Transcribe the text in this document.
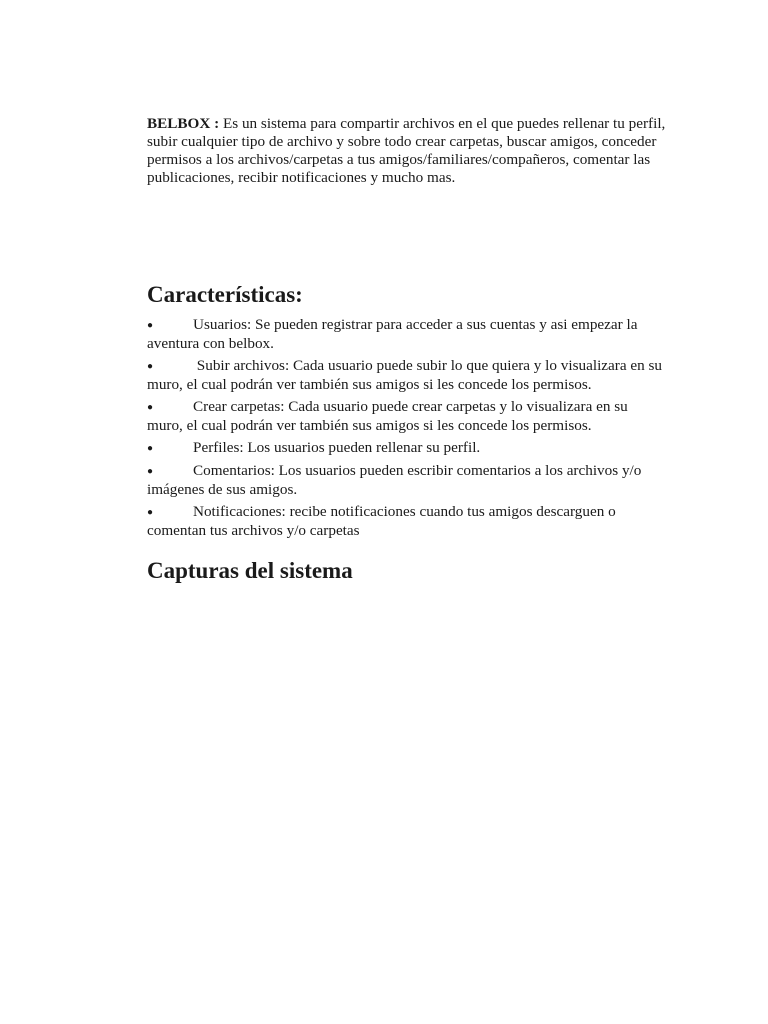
BELBOX : Es un sistema para compartir archivos en el que puedes rellenar tu perfil, subir cualquier tipo de archivo y sobre todo crear carpetas, buscar amigos, conceder permisos a los archivos/carpetas a tus amigos/familiares/compañeros, comentar las publicaciones, recibir notificaciones y mucho mas.

Características:
●	Usuarios: Se pueden registrar para acceder a sus cuentas y asi empezar la aventura con belbox.
●	Subir archivos: Cada usuario puede subir lo que quiera y lo visualizara en su muro, el cual podrán ver también sus amigos si les concede los permisos.
●	Crear carpetas: Cada usuario puede crear carpetas y lo visualizara en su muro, el cual podrán ver también sus amigos si les concede los permisos.
●	Perfiles: Los usuarios pueden rellenar su perfil.
●	Comentarios: Los usuarios pueden escribir comentarios a los archivos y/o imágenes de sus amigos.
●	Notificaciones: recibe notificaciones cuando tus amigos descarguen o comentan tus archivos y/o carpetas
Capturas del sistema
